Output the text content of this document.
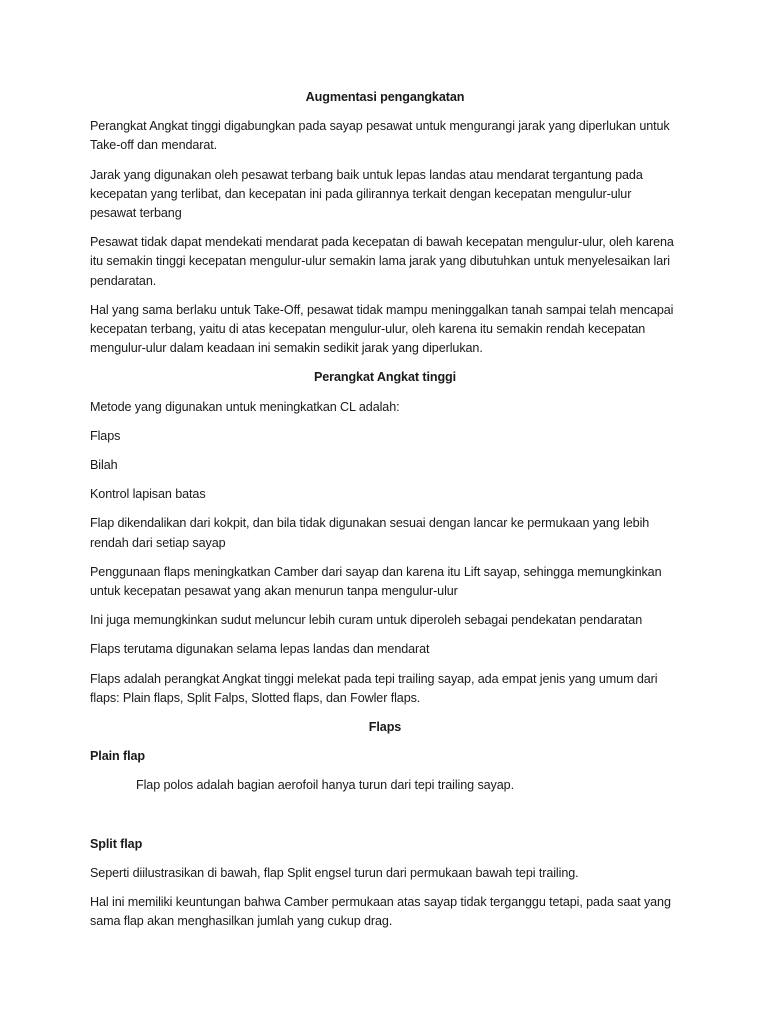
Augmentasi pengangkatan

Perangkat Angkat tinggi digabungkan pada sayap pesawat untuk mengurangi jarak yang diperlukan untuk Take-off dan mendarat.

Jarak yang digunakan oleh pesawat terbang baik untuk lepas landas atau mendarat tergantung pada kecepatan yang terlibat, dan kecepatan ini pada gilirannya terkait dengan kecepatan mengulur-ulur pesawat terbang

Pesawat tidak dapat mendekati mendarat pada kecepatan di bawah kecepatan mengulur-ulur, oleh karena itu semakin tinggi kecepatan mengulur-ulur semakin lama jarak yang dibutuhkan untuk menyelesaikan lari pendaratan.

Hal yang sama berlaku untuk Take-Off, pesawat tidak mampu meninggalkan tanah sampai telah mencapai kecepatan terbang, yaitu di atas kecepatan mengulur-ulur, oleh karena itu semakin rendah kecepatan mengulur-ulur dalam keadaan ini semakin sedikit jarak yang diperlukan.

Perangkat Angkat tinggi

Metode yang digunakan untuk meningkatkan CL adalah:

Flaps

Bilah

Kontrol lapisan batas

Flap dikendalikan dari kokpit, dan bila tidak digunakan sesuai dengan lancar ke permukaan yang lebih rendah dari setiap sayap

Penggunaan flaps meningkatkan Camber dari sayap dan karena itu Lift sayap, sehingga memungkinkan untuk kecepatan pesawat yang akan menurun tanpa mengulur-ulur

Ini juga memungkinkan sudut meluncur lebih curam untuk diperoleh sebagai pendekatan pendaratan

Flaps terutama digunakan selama lepas landas dan mendarat

Flaps adalah perangkat Angkat tinggi melekat pada tepi trailing sayap, ada empat jenis yang umum dari flaps: Plain flaps, Split Falps, Slotted flaps, dan Fowler flaps.

Flaps

Plain flap

Flap polos adalah bagian aerofoil hanya turun dari tepi trailing sayap.

Split flap

Seperti diilustrasikan di bawah, flap Split engsel turun dari permukaan bawah tepi trailing.

Hal ini memiliki keuntungan bahwa Camber permukaan atas sayap tidak terganggu tetapi, pada saat yang sama flap akan menghasilkan jumlah yang cukup drag.
